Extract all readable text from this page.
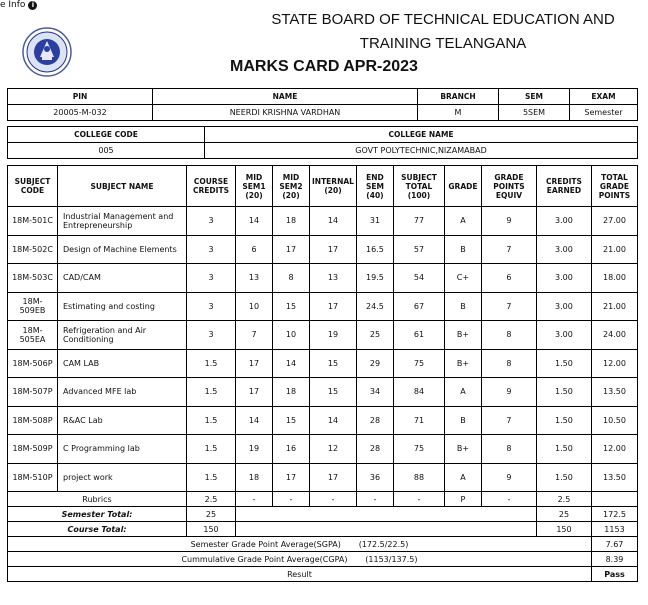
e Info i
STATE BOARD OF TECHNICAL EDUCATION AND
TRAINING TELANGANA
MARKS CARD APR-2023
PIN	NAME	BRANCH	SEM	EXAM
20005-M-032	NEERDI KRISHNA VARDHAN	M	5SEM	Semester
COLLEGE CODE	COLLEGE NAME
005	GOVT POLYTECHNIC,NIZAMABAD
SUBJECT CODE	SUBJECT NAME	COURSE CREDITS	MID SEM1 (20)	MID SEM2 (20)	INTERNAL (20)	END SEM (40)	SUBJECT TOTAL (100)	GRADE	GRADE POINTS EQUIV	CREDITS EARNED	TOTAL GRADE POINTS
18M-501C	Industrial Management and Entrepreneurship	3	14	18	14	31	77	A	9	3.00	27.00
18M-502C	Design of Machine Elements	3	6	17	17	16.5	57	B	7	3.00	21.00
18M-503C	CAD/CAM	3	13	8	13	19.5	54	C+	6	3.00	18.00
18M-509EB	Estimating and costing	3	10	15	17	24.5	67	B	7	3.00	21.00
18M-505EA	Refrigeration and Air Conditioning	3	7	10	19	25	61	B+	8	3.00	24.00
18M-506P	CAM LAB	1.5	17	14	15	29	75	B+	8	1.50	12.00
18M-507P	Advanced MFE lab	1.5	17	18	15	34	84	A	9	1.50	13.50
18M-508P	R&AC Lab	1.5	14	15	14	28	71	B	7	1.50	10.50
18M-509P	C Programming lab	1.5	19	16	12	28	75	B+	8	1.50	12.00
18M-510P	project work	1.5	18	17	17	36	88	A	9	1.50	13.50
Rubrics		2.5	-	-	-	-	-	P	-	2.5	
Semester Total:		25								25	172.5
Course Total:		150								150	1153
Semester Grade Point Average(SGPA) (172.5/22.5)											7.67
Cummulative Grade Point Average(CGPA) (1153/137.5)											8.39
Result											Pass
